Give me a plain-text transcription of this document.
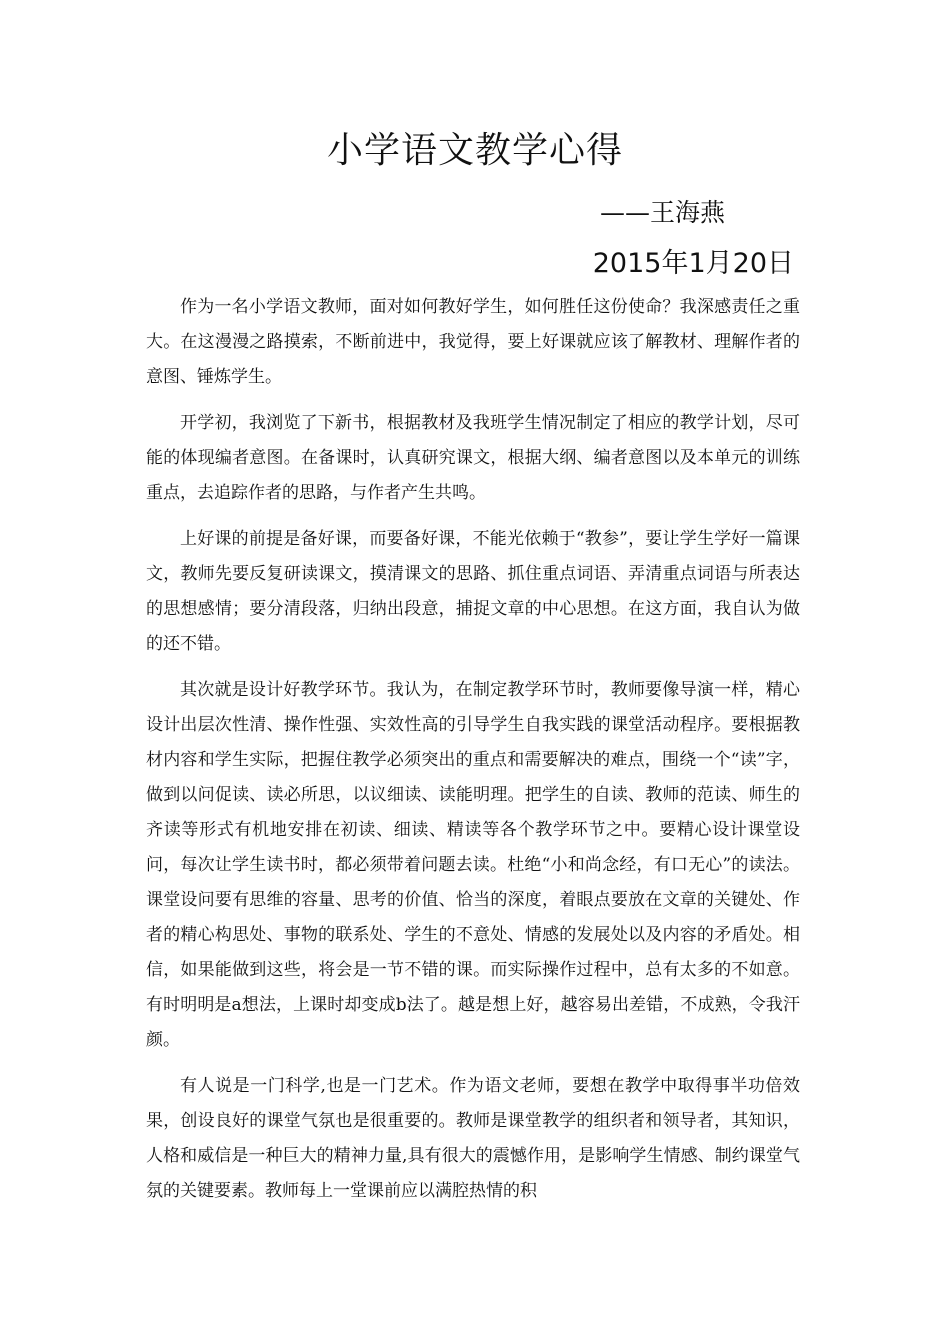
小学语文教学心得
——王海燕
2015年1月20日

作为一名小学语文教师，面对如何教好学生，如何胜任这份使命？我深感责任之重大。在这漫漫之路摸索，不断前进中，我觉得，要上好课就应该了解教材、理解作者的意图、锤炼学生。

开学初，我浏览了下新书，根据教材及我班学生情况制定了相应的教学计划，尽可能的体现编者意图。在备课时，认真研究课文，根据大纲、编者意图以及本单元的训练重点，去追踪作者的思路，与作者产生共鸣。

上好课的前提是备好课，而要备好课，不能光依赖于“教参”，要让学生学好一篇课文，教师先要反复研读课文，摸清课文的思路、抓住重点词语、弄清重点词语与所表达的思想感情；要分清段落，归纳出段意，捕捉文章的中心思想。在这方面，我自认为做的还不错。

其次就是设计好教学环节。我认为，在制定教学环节时，教师要像导演一样，精心设计出层次性清、操作性强、实效性高的引导学生自我实践的课堂活动程序。要根据教材内容和学生实际，把握住教学必须突出的重点和需要解决的难点，围绕一个“读”字，做到以问促读、读必所思，以议细读、读能明理。把学生的自读、教师的范读、师生的齐读等形式有机地安排在初读、细读、精读等各个教学环节之中。要精心设计课堂设问，每次让学生读书时，都必须带着问题去读。杜绝“小和尚念经，有口无心”的读法。课堂设问要有思维的容量、思考的价值、恰当的深度，着眼点要放在文章的关键处、作者的精心构思处、事物的联系处、学生的不意处、情感的发展处以及内容的矛盾处。相信，如果能做到这些，将会是一节不错的课。而实际操作过程中，总有太多的不如意。有时明明是a想法，上课时却变成b法了。越是想上好，越容易出差错，不成熟，令我汗颜。

有人说是一门科学,也是一门艺术。作为语文老师，要想在教学中取得事半功倍效果，创设良好的课堂气氛也是很重要的。教师是课堂教学的组织者和领导者，其知识，人格和威信是一种巨大的精神力量,具有很大的震憾作用，是影响学生情感、制约课堂气氛的关键要素。教师每上一堂课前应以满腔热情的积
